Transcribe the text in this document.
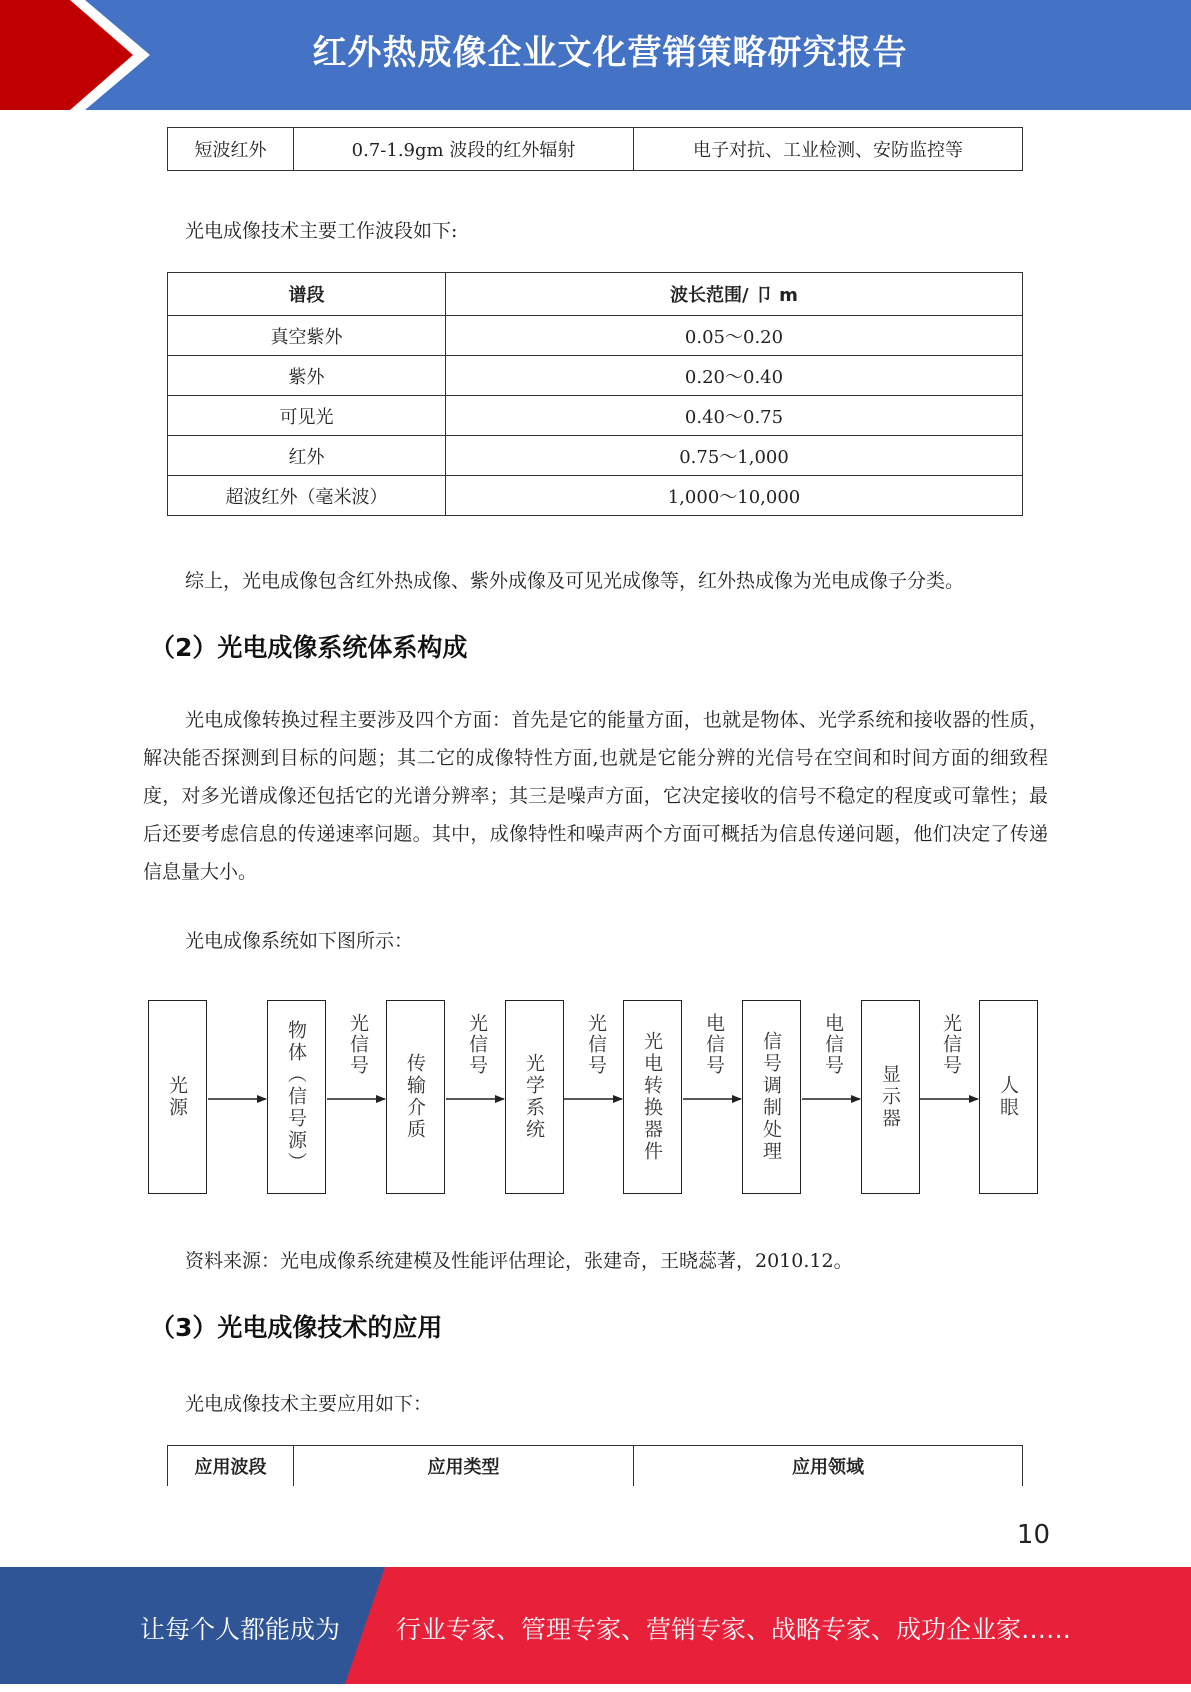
红外热成像企业文化营销策略研究报告
短波红外	0.7-1.9gm 波段的红外辐射	电子对抗、工业检测、安防监控等
光电成像技术主要工作波段如下:
谱段	波长范围/ 卩 m
真空紫外	0.05～0.20
紫外	0.20～0.40
可见光	0.40～0.75
红外	0.75～1,000
超波红外（毫米波）	1,000～10,000
综上，光电成像包含红外热成像、紫外成像及可见光成像等，红外热成像为光电成像子分类。
（2）光电成像系统体系构成
光电成像转换过程主要涉及四个方面：首先是它的能量方面，也就是物体、光学系统和接收器的性质，解决能否探测到目标的问题；其二它的成像特性方面,也就是它能分辨的光信号在空间和时间方面的细致程度，对多光谱成像还包括它的光谱分辨率；其三是噪声方面，它决定接收的信号不稳定的程度或可靠性；最后还要考虑信息的传递速率问题。其中，成像特性和噪声两个方面可概括为信息传递问题，他们决定了传递信息量大小。
光电成像系统如下图所示：
光源	物体（信号源）	传输介质	光学系统	光电转换器件	信号调制处理	显示器	人眼
光信号	光信号	光信号	电信号	电信号	光信号
资料来源：光电成像系统建模及性能评估理论，张建奇，王晓蕊著，2010.12。
（3）光电成像技术的应用
光电成像技术主要应用如下：
应用波段	应用类型	应用领域
10
让每个人都能成为 行业专家、管理专家、营销专家、战略专家、成功企业家……
